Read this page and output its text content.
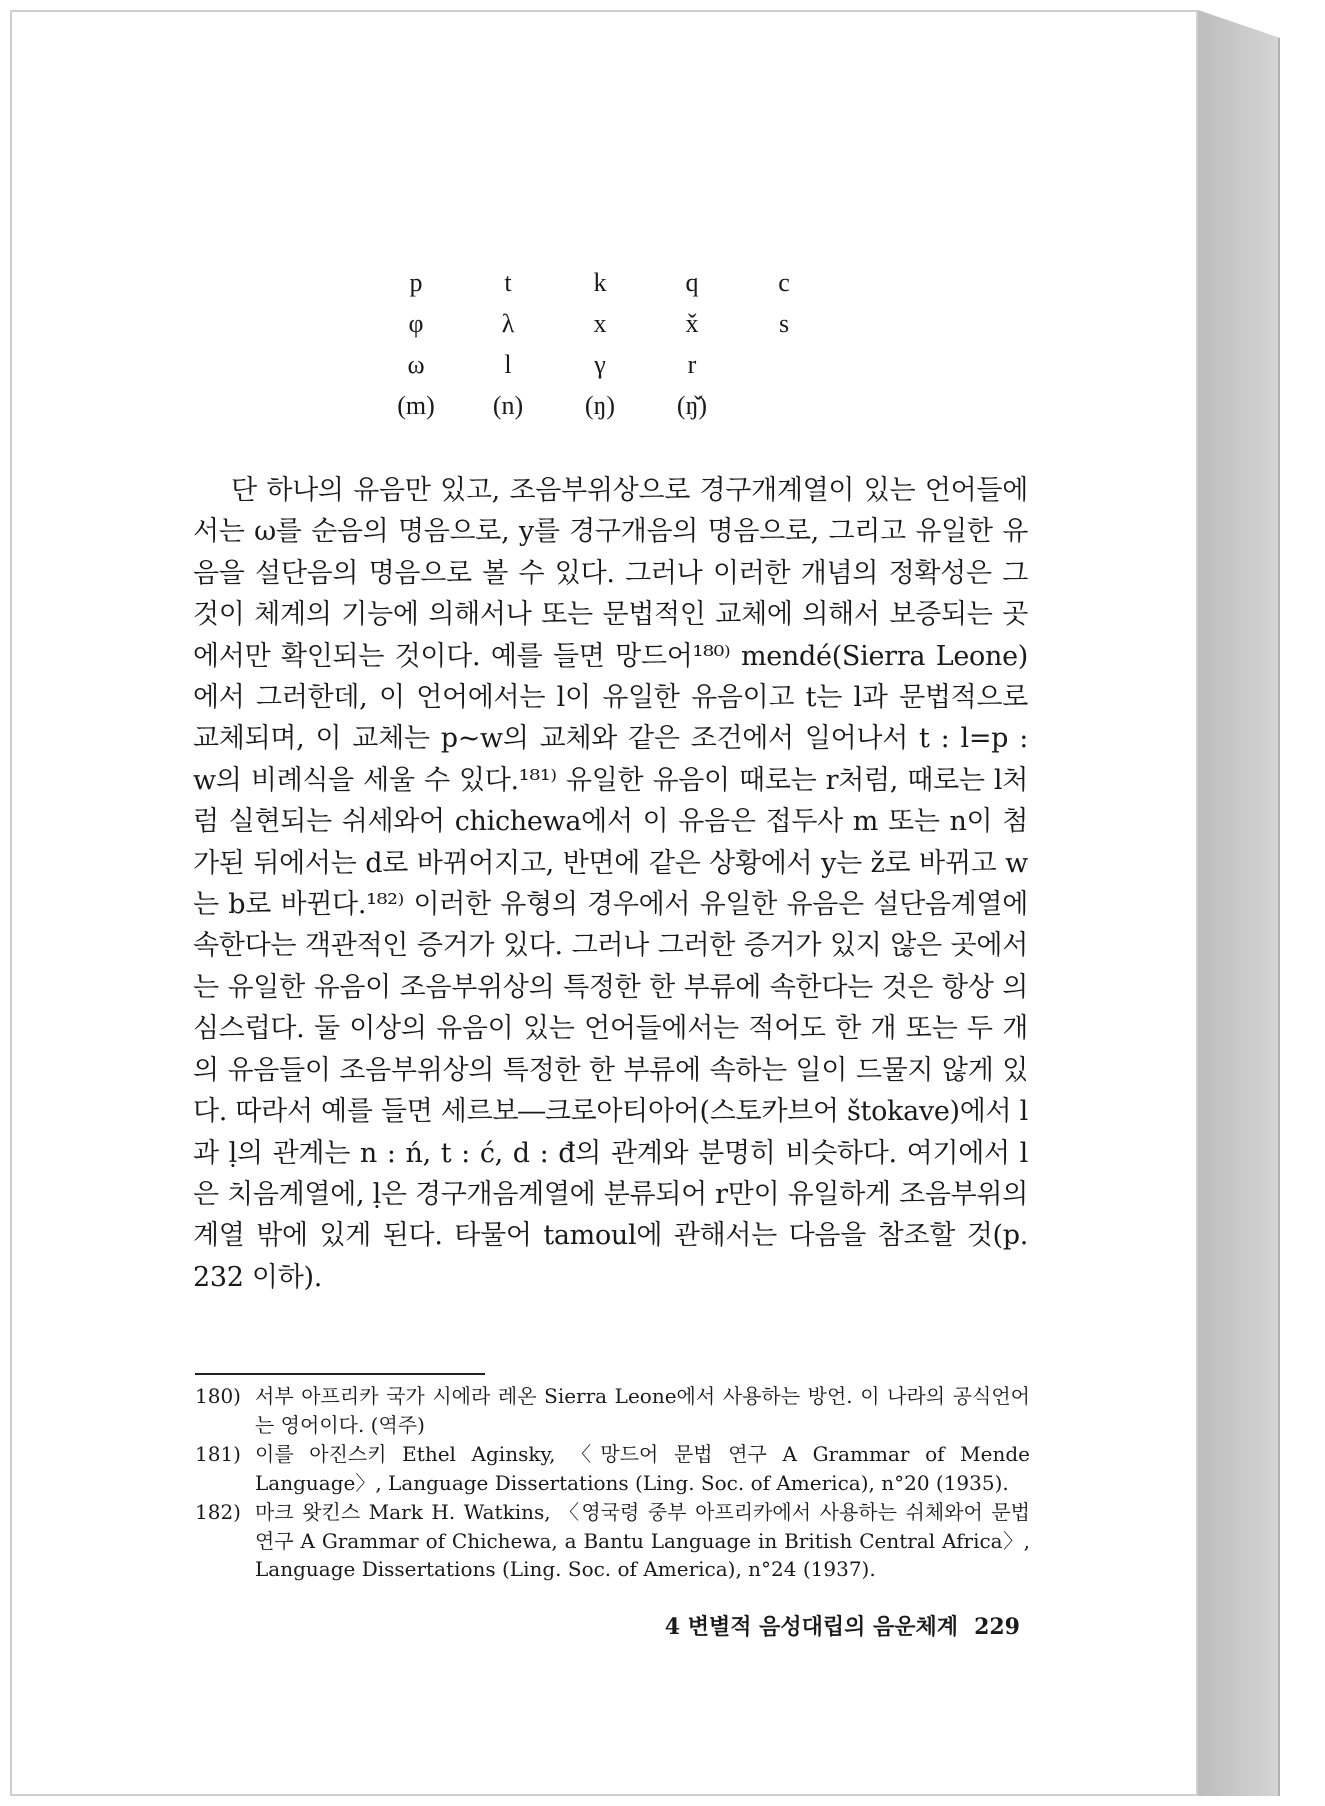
p	t	k	q	c
φ	λ	x	x̌	s
ω	l	γ	r
(m)	(n)	(ŋ)	(ŋ̌)

단 하나의 유음만 있고, 조음부위상으로 경구개계열이 있는 언어들에서는 ω를 순음의 명음으로, y를 경구개음의 명음으로, 그리고 유일한 유음을 설단음의 명음으로 볼 수 있다. 그러나 이러한 개념의 정확성은 그것이 체계의 기능에 의해서나 또는 문법적인 교체에 의해서 보증되는 곳에서만 확인되는 것이다. 예를 들면 망드어¹⁸⁰⁾ mendé(Sierra Leone)에서 그러한데, 이 언어에서는 l이 유일한 유음이고 t는 l과 문법적으로 교체되며, 이 교체는 p~w의 교체와 같은 조건에서 일어나서 t : l=p : w의 비례식을 세울 수 있다.¹⁸¹⁾ 유일한 유음이 때로는 r처럼, 때로는 l처럼 실현되는 쉬세와어 chichewa에서 이 유음은 접두사 m 또는 n이 첨가된 뒤에서는 d로 바뀌어지고, 반면에 같은 상황에서 y는 ž로 바뀌고 w는 b로 바뀐다.¹⁸²⁾ 이러한 유형의 경우에서 유일한 유음은 설단음계열에 속한다는 객관적인 증거가 있다. 그러나 그러한 증거가 있지 않은 곳에서는 유일한 유음이 조음부위상의 특정한 한 부류에 속한다는 것은 항상 의심스럽다. 둘 이상의 유음이 있는 언어들에서는 적어도 한 개 또는 두 개의 유음들이 조음부위상의 특정한 한 부류에 속하는 일이 드물지 않게 있다. 따라서 예를 들면 세르보―크로아티아어(스토카브어 štokave)에서 l과 ḷ의 관계는 n : ń, t : ć, d : đ의 관계와 분명히 비슷하다. 여기에서 l은 치음계열에, ḷ은 경구개음계열에 분류되어 r만이 유일하게 조음부위의 계열 밖에 있게 된다. 타물어 tamoul에 관해서는 다음을 참조할 것(p. 232 이하).

180) 서부 아프리카 국가 시에라 레온 Sierra Leone에서 사용하는 방언. 이 나라의 공식언어는 영어이다. (역주)
181) 이를 아진스키 Ethel Aginsky, 〈망드어 문법 연구 A Grammar of Mende Language〉, Language Dissertations (Ling. Soc. of America), n°20 (1935).
182) 마크 왓킨스 Mark H. Watkins, 〈영국령 중부 아프리카에서 사용하는 쉬체와어 문법 연구 A Grammar of Chichewa, a Bantu Language in British Central Africa〉, Language Dissertations (Ling. Soc. of America), n°24 (1937).
4 변별적 음성대립의 음운체계 229
